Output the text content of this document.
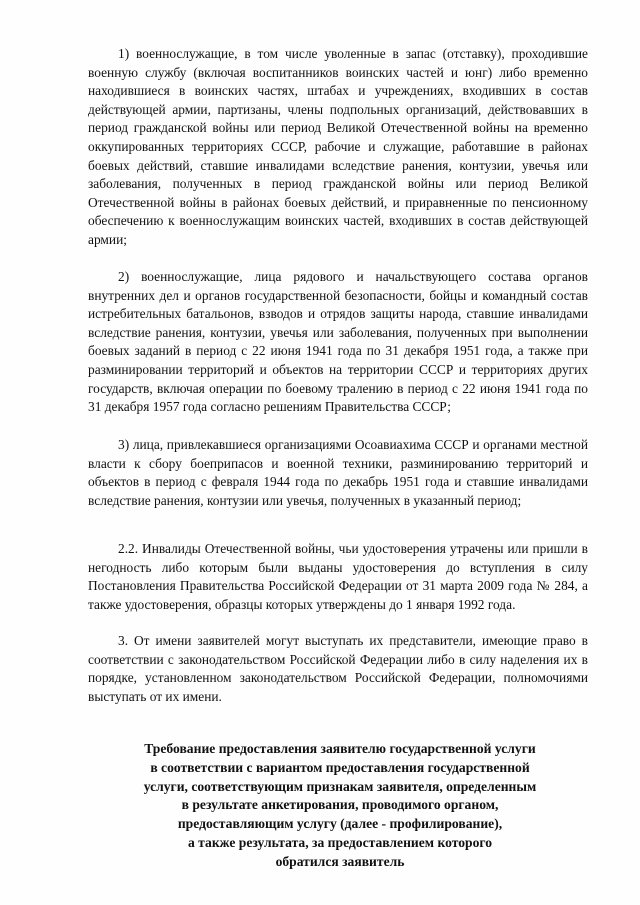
1) военнослужащие, в том числе уволенные в запас (отставку), проходившие военную службу (включая воспитанников воинских частей и юнг) либо временно находившиеся в воинских частях, штабах и учреждениях, входивших в состав действующей армии, партизаны, члены подпольных организаций, действовавших в период гражданской войны или период Великой Отечественной войны на временно оккупированных территориях СССР, рабочие и служащие, работавшие в районах боевых действий, ставшие инвалидами вследствие ранения, контузии, увечья или заболевания, полученных в период гражданской войны или период Великой Отечественной войны в районах боевых действий, и приравненные по пенсионному обеспечению к военнослужащим воинских частей, входивших в состав действующей армии;

2) военнослужащие, лица рядового и начальствующего состава органов внутренних дел и органов государственной безопасности, бойцы и командный состав истребительных батальонов, взводов и отрядов защиты народа, ставшие инвалидами вследствие ранения, контузии, увечья или заболевания, полученных при выполнении боевых заданий в период с 22 июня 1941 года по 31 декабря 1951 года, а также при разминировании территорий и объектов на территории СССР и территориях других государств, включая операции по боевому тралению в период с 22 июня 1941 года по 31 декабря 1957 года согласно решениям Правительства СССР;

3) лица, привлекавшиеся организациями Осоавиахима СССР и органами местной власти к сбору боеприпасов и военной техники, разминированию территорий и объектов в период с февраля 1944 года по декабрь 1951 года и ставшие инвалидами вследствие ранения, контузии или увечья, полученных в указанный период;

2.2. Инвалиды Отечественной войны, чьи удостоверения утрачены или пришли в негодность либо которым были выданы удостоверения до вступления в силу Постановления Правительства Российской Федерации от 31 марта 2009 года № 284, а также удостоверения, образцы которых утверждены до 1 января 1992 года.

3. От имени заявителей могут выступать их представители, имеющие право в соответствии с законодательством Российской Федерации либо в силу наделения их в порядке, установленном законодательством Российской Федерации, полномочиями выступать от их имени.

Требование предоставления заявителю государственной услуги
в соответствии с вариантом предоставления государственной
услуги, соответствующим признакам заявителя, определенным
в результате анкетирования, проводимого органом,
предоставляющим услугу (далее - профилирование),
а также результата, за предоставлением которого
обратился заявитель
